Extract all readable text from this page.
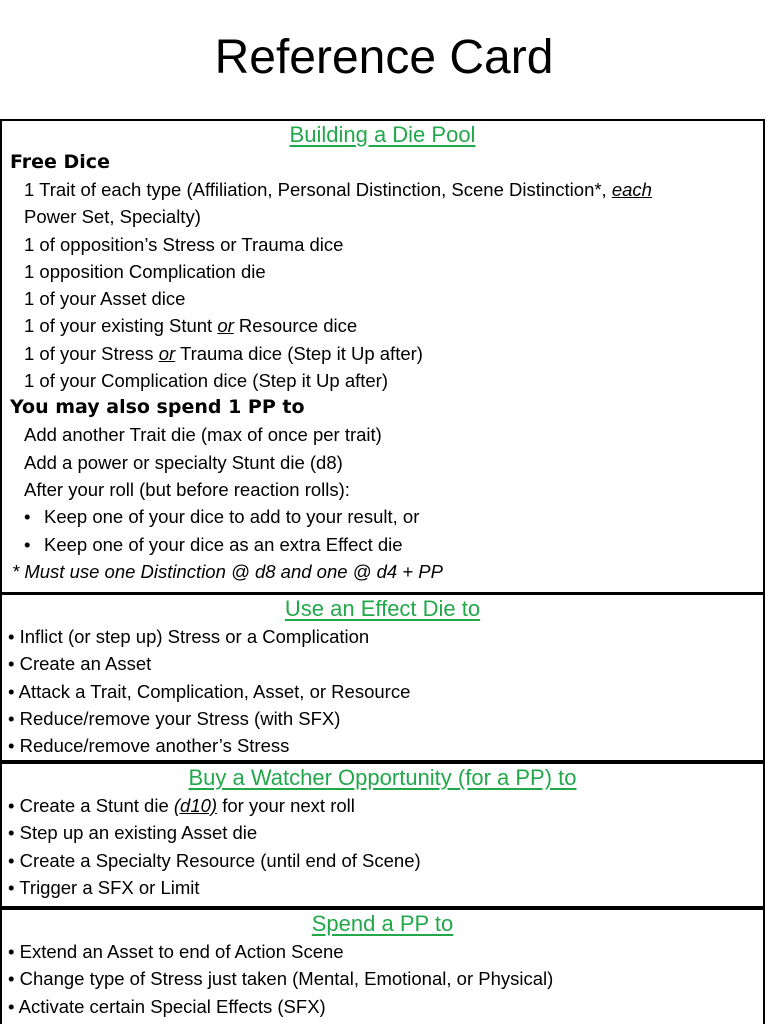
Reference Card
Building a Die Pool
Free Dice
1 Trait of each type (Affiliation, Personal Distinction, Scene Distinction*, each
Power Set, Specialty)
1 of opposition’s Stress or Trauma dice
1 opposition Complication die
1 of your Asset dice
1 of your existing Stunt or Resource dice
1 of your Stress or Trauma dice (Step it Up after)
1 of your Complication dice (Step it Up after)
You may also spend 1 PP to
Add another Trait die (max of once per trait)
Add a power or specialty Stunt die (d8)
After your roll (but before reaction rolls):
• Keep one of your dice to add to your result, or
• Keep one of your dice as an extra Effect die
* Must use one Distinction @ d8 and one @ d4 + PP
Use an Effect Die to
• Inflict (or step up) Stress or a Complication
• Create an Asset
• Attack a Trait, Complication, Asset, or Resource
• Reduce/remove your Stress (with SFX)
• Reduce/remove another’s Stress
Buy a Watcher Opportunity (for a PP) to
• Create a Stunt die (d10) for your next roll
• Step up an existing Asset die
• Create a Specialty Resource (until end of Scene)
• Trigger a SFX or Limit
Spend a PP to
• Extend an Asset to end of Action Scene
• Change type of Stress just taken (Mental, Emotional, or Physical)
• Activate certain Special Effects (SFX)
